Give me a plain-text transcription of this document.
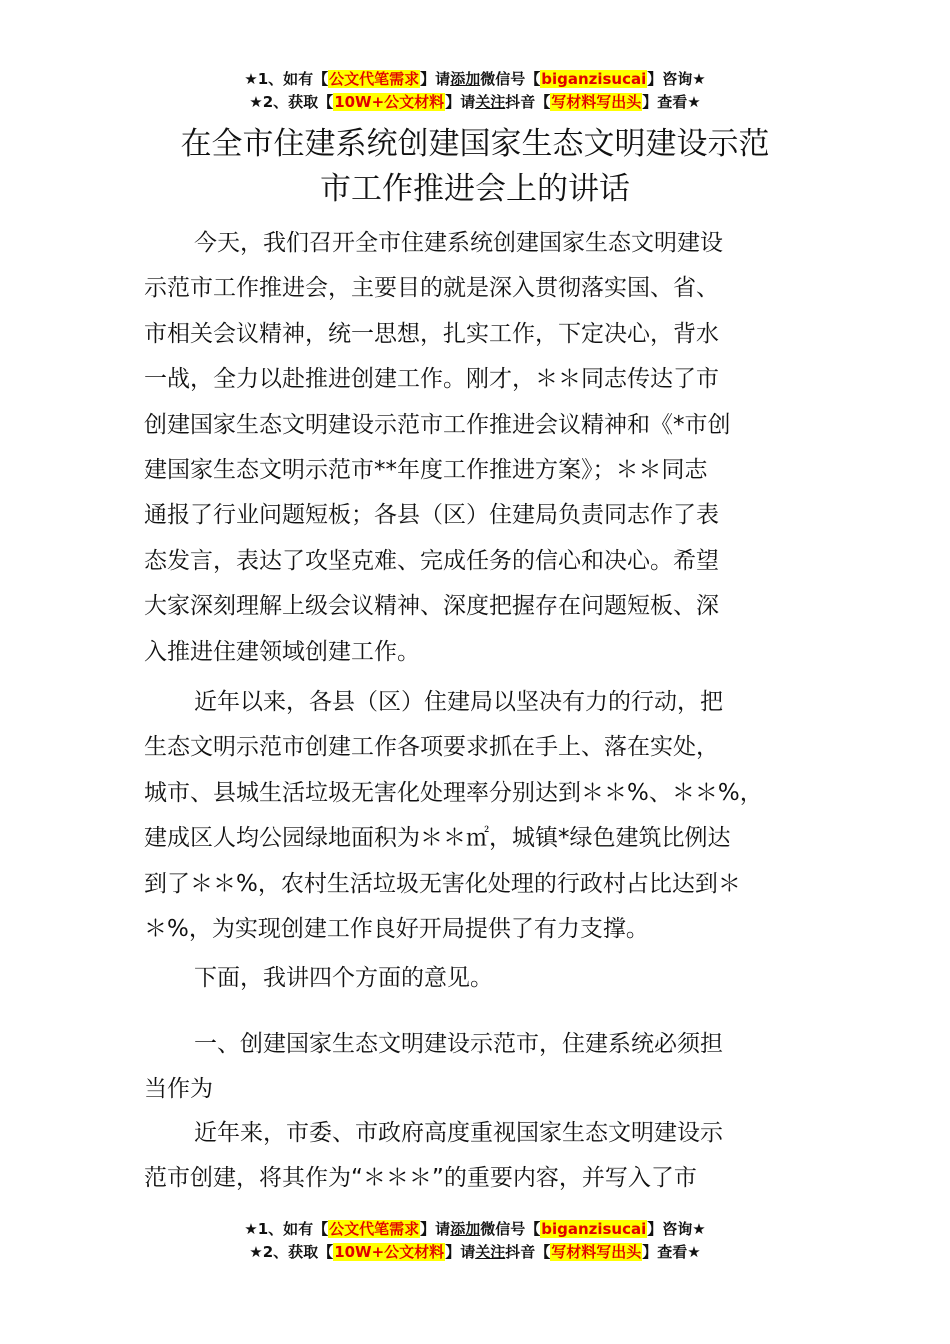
★1、如有【公文代笔需求】请添加微信号【biganzisucai】咨询★
★2、获取【10W+公文材料】请关注抖音【写材料写出头】查看★
在全市住建系统创建国家生态文明建设示范
市工作推进会上的讲话
今天，我们召开全市住建系统创建国家生态文明建设
示范市工作推进会，主要目的就是深入贯彻落实国、省、
市相关会议精神，统一思想，扎实工作，下定决心，背水
一战，全力以赴推进创建工作。刚才，＊＊同志传达了市
创建国家生态文明建设示范市工作推进会议精神和《*市创
建国家生态文明示范市**年度工作推进方案》；＊＊同志
通报了行业问题短板；各县（区）住建局负责同志作了表
态发言，表达了攻坚克难、完成任务的信心和决心。希望
大家深刻理解上级会议精神、深度把握存在问题短板、深
入推进住建领域创建工作。
近年以来，各县（区）住建局以坚决有力的行动，把
生态文明示范市创建工作各项要求抓在手上、落在实处，
城市、县城生活垃圾无害化处理率分别达到＊＊%、＊＊%，
建成区人均公园绿地面积为＊＊㎡，城镇*绿色建筑比例达
到了＊＊%，农村生活垃圾无害化处理的行政村占比达到＊
＊%，为实现创建工作良好开局提供了有力支撑。
下面，我讲四个方面的意见。
一、创建国家生态文明建设示范市，住建系统必须担
当作为
近年来，市委、市政府高度重视国家生态文明建设示
范市创建，将其作为“＊＊＊”的重要内容，并写入了市
★1、如有【公文代笔需求】请添加微信号【biganzisucai】咨询★
★2、获取【10W+公文材料】请关注抖音【写材料写出头】查看★
